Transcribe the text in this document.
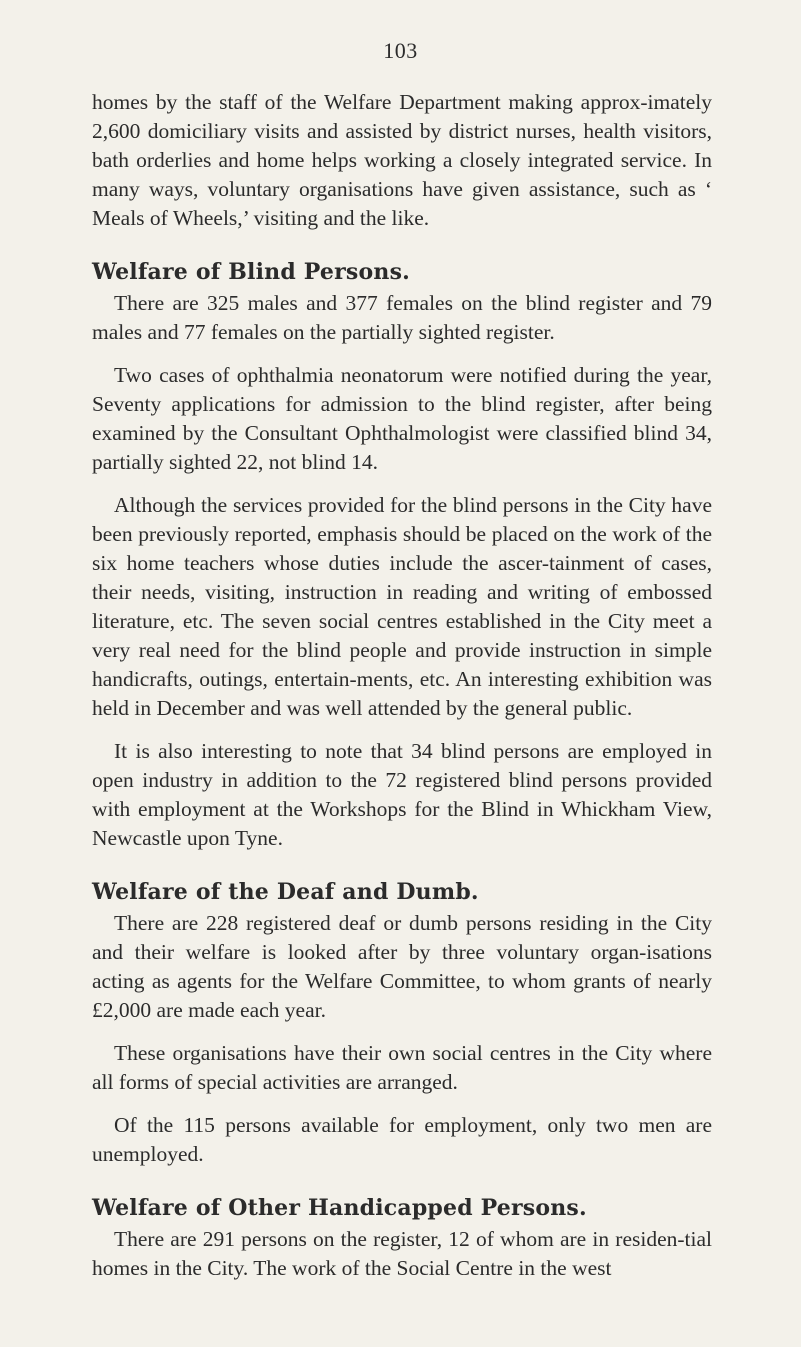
103

homes by the staff of the Welfare Department making approx-imately 2,600 domiciliary visits and assisted by district nurses, health visitors, bath orderlies and home helps working a closely integrated service. In many ways, voluntary organisations have given assistance, such as ‘ Meals of Wheels,’ visiting and the like.

Welfare of Blind Persons.

There are 325 males and 377 females on the blind register and 79 males and 77 females on the partially sighted register.

Two cases of ophthalmia neonatorum were notified during the year, Seventy applications for admission to the blind register, after being examined by the Consultant Ophthalmologist were classified blind 34, partially sighted 22, not blind 14.

Although the services provided for the blind persons in the City have been previously reported, emphasis should be placed on the work of the six home teachers whose duties include the ascer-tainment of cases, their needs, visiting, instruction in reading and writing of embossed literature, etc. The seven social centres established in the City meet a very real need for the blind people and provide instruction in simple handicrafts, outings, entertain-ments, etc. An interesting exhibition was held in December and was well attended by the general public.

It is also interesting to note that 34 blind persons are employed in open industry in addition to the 72 registered blind persons provided with employment at the Workshops for the Blind in Whickham View, Newcastle upon Tyne.

Welfare of the Deaf and Dumb.

There are 228 registered deaf or dumb persons residing in the City and their welfare is looked after by three voluntary organ-isations acting as agents for the Welfare Committee, to whom grants of nearly £2,000 are made each year.

These organisations have their own social centres in the City where all forms of special activities are arranged.

Of the 115 persons available for employment, only two men are unemployed.

Welfare of Other Handicapped Persons.

There are 291 persons on the register, 12 of whom are in residen-tial homes in the City. The work of the Social Centre in the west
